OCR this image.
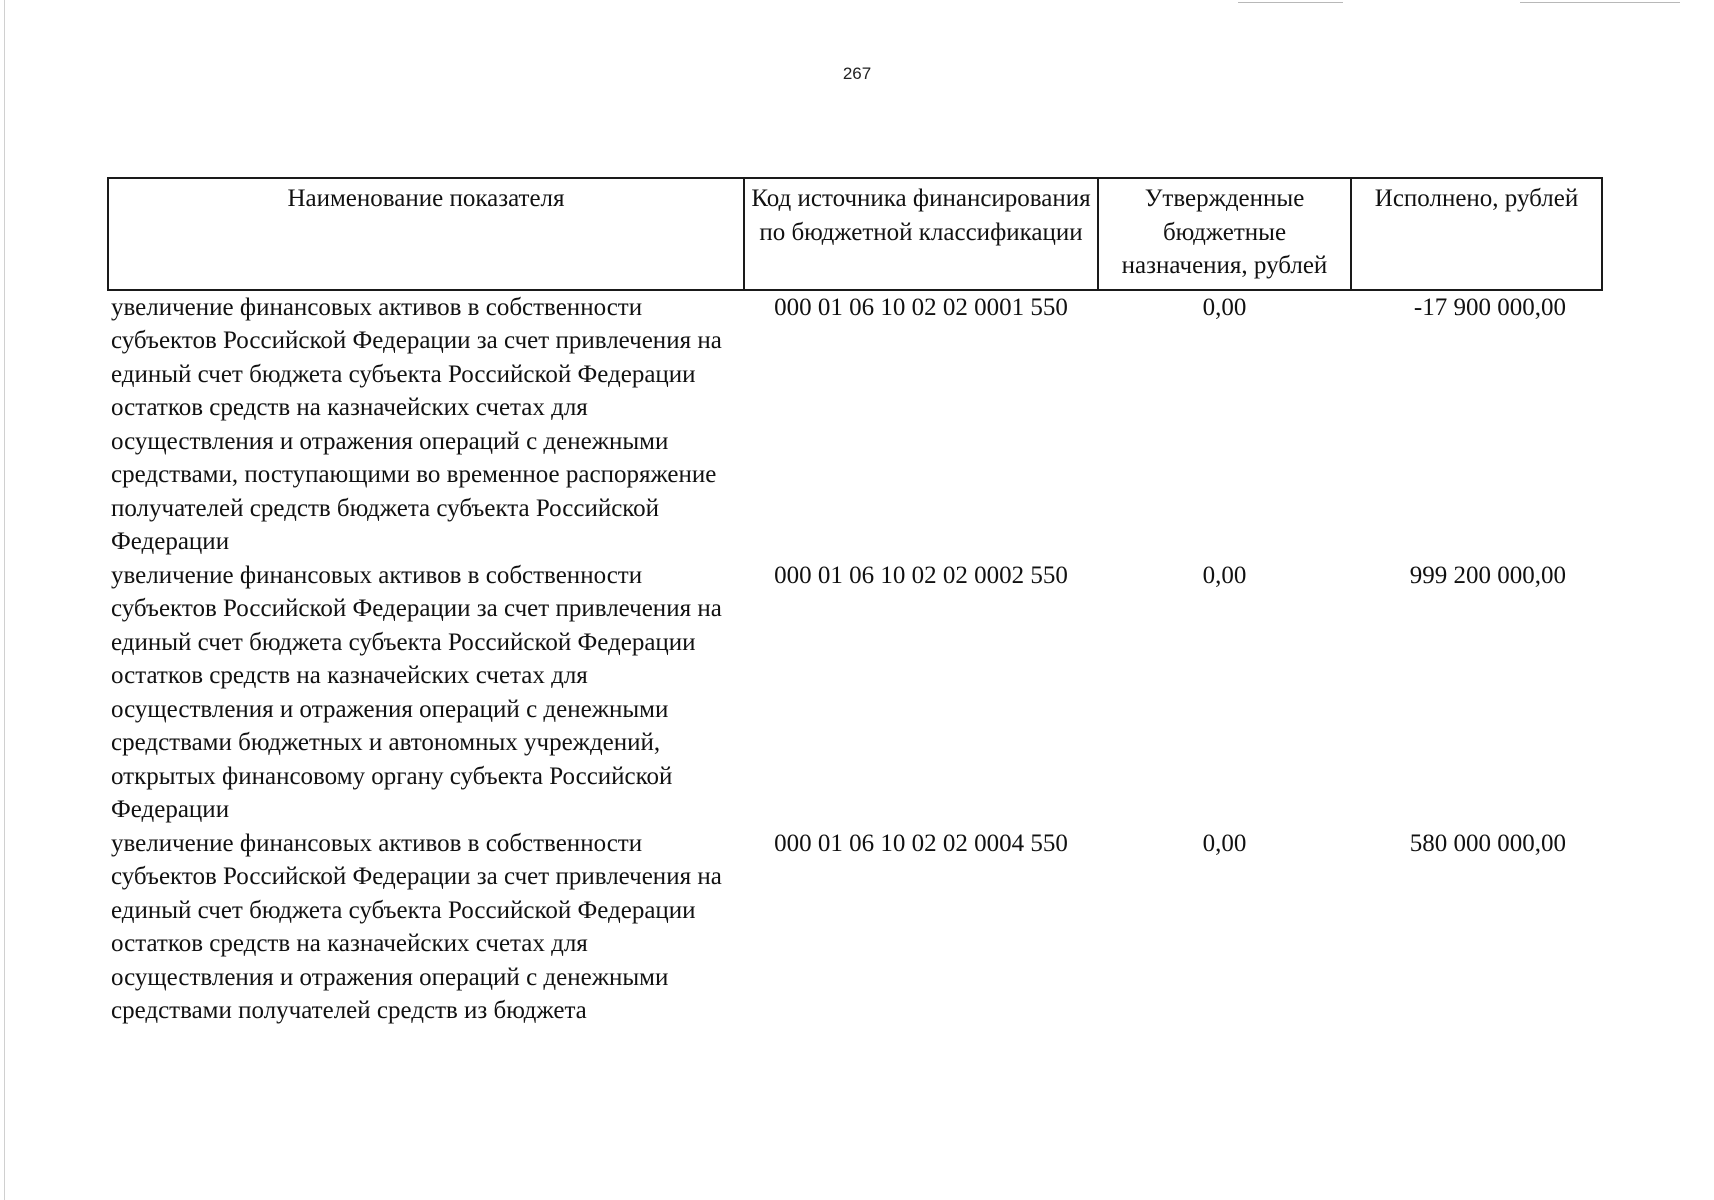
267
Наименование показателя	Код источника финансирования по бюджетной классификации	Утвержденные бюджетные назначения, рублей	Исполнено, рублей

увеличение финансовых активов в собственности субъектов Российской Федерации за счет привлечения на единый счет бюджета субъекта Российской Федерации остатков средств на казначейских счетах для осуществления и отражения операций с денежными средствами, поступающими во временное распоряжение получателей средств бюджета субъекта Российской Федерации	000 01 06 10 02 02 0001 550	0,00	-17 900 000,00

увеличение финансовых активов в собственности субъектов Российской Федерации за счет привлечения на единый счет бюджета субъекта Российской Федерации остатков средств на казначейских счетах для осуществления и отражения операций с денежными средствами бюджетных и автономных учреждений, открытых финансовому органу субъекта Российской Федерации	000 01 06 10 02 02 0002 550	0,00	999 200 000,00

увеличение финансовых активов в собственности субъектов Российской Федерации за счет привлечения на единый счет бюджета субъекта Российской Федерации остатков средств на казначейских счетах для осуществления и отражения операций с денежными средствами получателей средств из бюджета	000 01 06 10 02 02 0004 550	0,00	580 000 000,00
